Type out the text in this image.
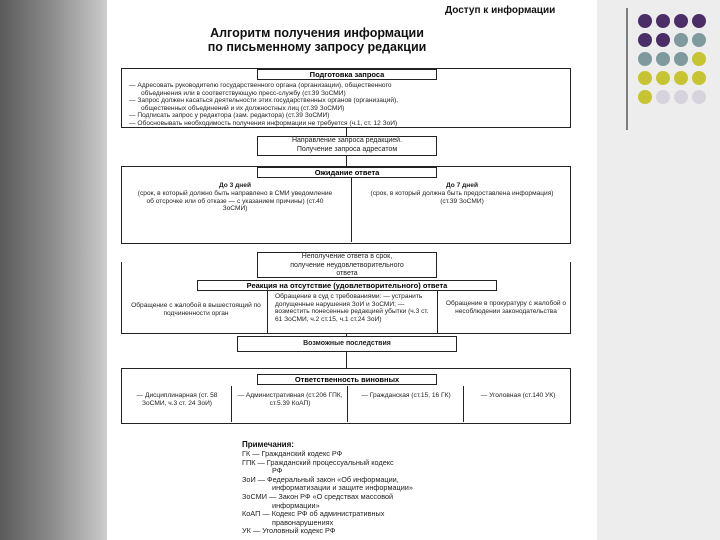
Доступ к информации
Алгоритм получения информации
по письменному запросу редакции
Подготовка запроса
— Адресовать руководителю государственного органа (организации), общественного
объединения или в соответствующую пресс-службу (ст.39 ЗоСМИ)
— Запрос должен касаться деятельности этих государственных органов (организаций),
общественных объединений и их должностных лиц (ст.39 ЗоСМИ)
— Подписать запрос у редактора (зам. редактора) (ст.39 ЗоСМИ)
— Обосновывать необходимость получения информации не требуется (ч.1, ст. 12 ЗоИ)
Направление запроса редакцией.
Получение запроса адресатом
Ожидание ответа
До 3 дней
(срок, в который должно быть направлено в СМИ уведомление об отсрочке или об отказе — с указанием причины) (ст.40 ЗоСМИ)
До 7 дней
(срок, в который должна быть предоставлена информация) (ст.39 ЗоСМИ)
Неполучение ответа в срок,
получение неудовлетворительного
ответа
Реакция на отсутствие (удовлетворительного) ответа
Обращение с жалобой в вышестоящий по подчиненности орган
Обращение в суд с требованиями: — устранить допущенные нарушения ЗоИ и ЗоСМИ; — возместить понесенные редакцией убытки (ч.3 ст. 61 ЗоСМИ, ч.2 ст.15, ч.1 ст.24 ЗоИ)
Обращение в прокуратуру с жалобой о несоблюдении законодательства
Возможные последствия
Ответственность виновных
— Дисциплинарная (ст. 58 ЗоСМИ, ч.3 ст. 24 ЗоИ)
— Административная (ст.206 ГПК, ст.5.39 КоАП)
— Гражданская (ст.15, 16 ГК)	— Уголовная (ст.140 УК)
Примечания:
ГК — Гражданский кодекс РФ
ГПК — Гражданский процессуальный кодекс
РФ
ЗоИ — Федеральный закон «Об информации,
информатизации и защите информации»
ЗоСМИ — Закон РФ «О средствах массовой
информации»
КоАП — Кодекс РФ об административных
правонарушениях
УК — Уголовный кодекс РФ
